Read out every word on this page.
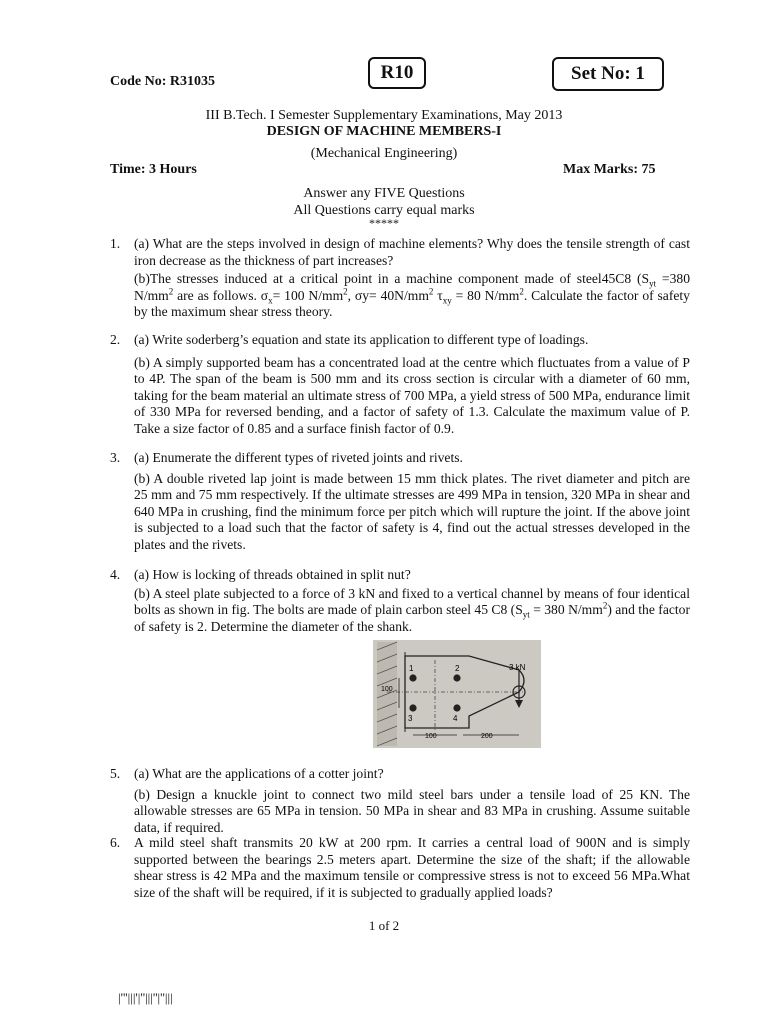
Code No: R31035	R10	Set No: 1
III B.Tech. I Semester Supplementary Examinations, May 2013
DESIGN OF MACHINE MEMBERS-I
(Mechanical Engineering)
Time: 3 Hours	Max Marks: 75
Answer any FIVE Questions
All Questions carry equal marks
*****
1. (a) What are the steps involved in design of machine elements? Why does the tensile strength of cast iron decrease as the thickness of part increases?

(b)The stresses induced at a critical point in a machine component made of steel45C8 ($S_{yt} =380$ $N/mm^2$ are as follows. $\sigma_x= 100$ $N/mm^2$, $\sigma y= 40N/mm^2$ $\tau_{xy} = 80$ $N/mm^2$. Calculate the factor of safety by the maximum shear stress theory.

2. (a) Write soderberg’s equation and state its application to different type of loadings.

(b) A simply supported beam has a concentrated load at the centre which fluctuates from a value of P to 4P. The span of the beam is 500 mm and its cross section is circular with a diameter of 60 mm, taking for the beam material an ultimate stress of 700 MPa, a yield stress of 500 MPa, endurance limit of 330 MPa for reversed bending, and a factor of safety of 1.3. Calculate the maximum value of P. Take a size factor of 0.85 and a surface finish factor of 0.9.

3. (a) Enumerate the different types of riveted joints and rivets.

(b) A double riveted lap joint is made between 15 mm thick plates. The rivet diameter and pitch are 25 mm and 75 mm respectively. If the ultimate stresses are 499 MPa in tension, 320 MPa in shear and 640 MPa in crushing, find the minimum force per pitch which will rupture the joint. If the above joint is subjected to a load such that the factor of safety is 4, find out the actual stresses developed in the plates and the rivets.

4. (a) How is locking of threads obtained in split nut?

(b) A steel plate subjected to a force of 3 kN and fixed to a vertical channel by means of four identical bolts as shown in fig. The bolts are made of plain carbon steel 45 C8 ($S_{yt} = 380$ $N/mm^2$) and the factor of safety is 2. Determine the diameter of the shank.

1	2
3	4
3 kN
100
100	200
5. (a) What are the applications of a cotter joint?

(b) Design a knuckle joint to connect two mild steel bars under a tensile load of 25 KN. The allowable stresses are 65 MPa in tension. 50 MPa in shear and 83 MPa in crushing. Assume suitable data, if required.

6. A mild steel shaft transmits 20 kW at 200 rpm. It carries a central load of 900N and is simply supported between the bearings 2.5 meters apart. Determine the size of the shaft; if the allowable shear stress is 42 MPa and the maximum tensile or compressive stress is not to exceed 56 MPa.What size of the shaft will be required, if it is subjected to gradually applied loads?

1 of 2
|'''|||'|''|||''|''|||
